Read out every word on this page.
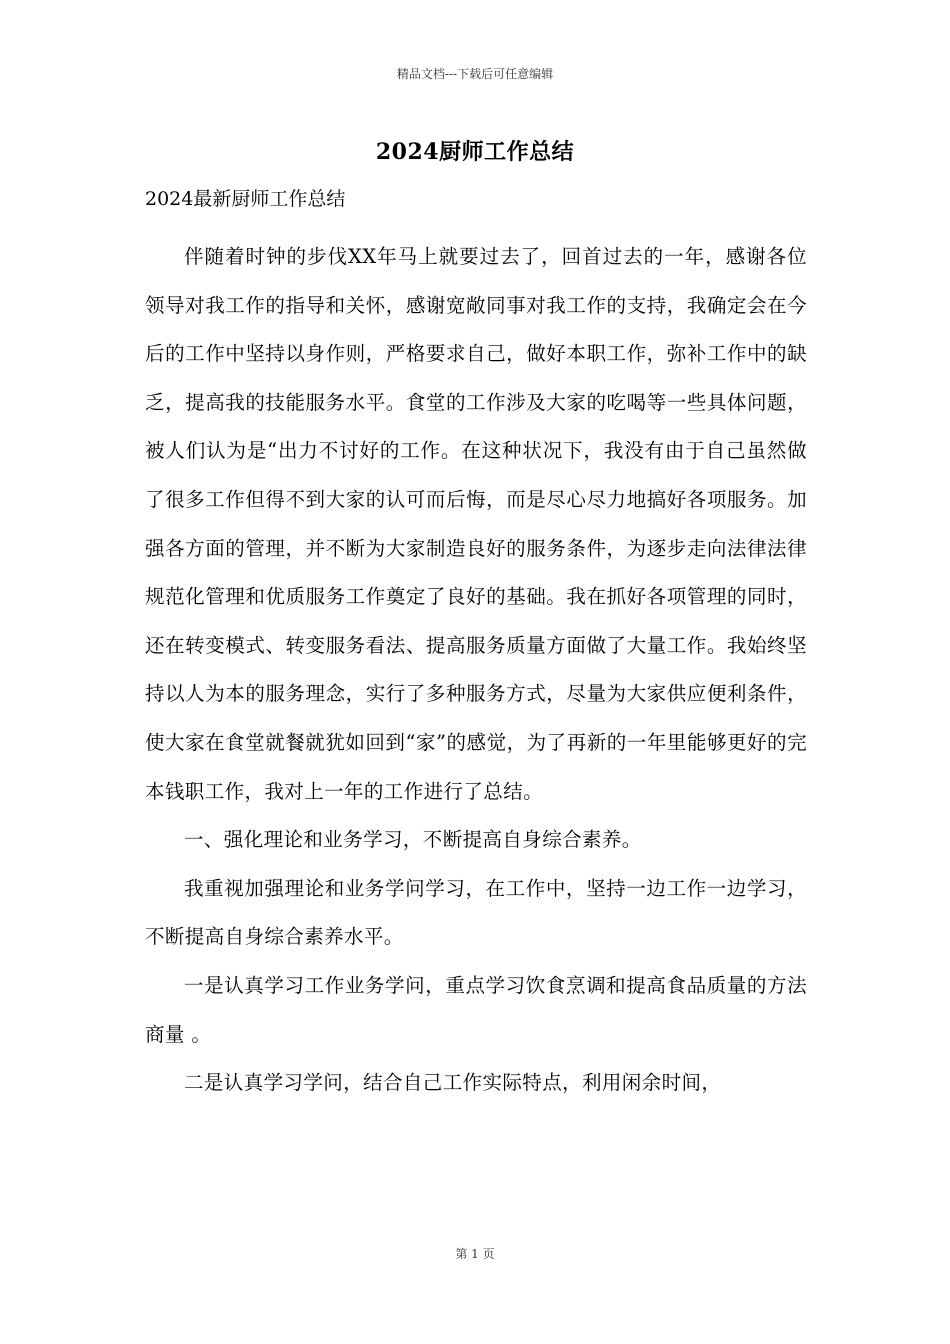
精品文档---下载后可任意编辑
2024厨师工作总结
2024最新厨师工作总结

伴随着时钟的步伐XX年马上就要过去了，回首过去的一年，感谢各位领导对我工作的指导和关怀，感谢宽敞同事对我工作的支持，我确定会在今后的工作中坚持以身作则，严格要求自己，做好本职工作，弥补工作中的缺乏，提高我的技能服务水平。食堂的工作涉及大家的吃喝等一些具体问题，被人们认为是“出力不讨好的工作。在这种状况下，我没有由于自己虽然做了很多工作但得不到大家的认可而后悔，而是尽心尽力地搞好各项服务。加强各方面的管理，并不断为大家制造良好的服务条件，为逐步走向法律法律规范化管理和优质服务工作奠定了良好的基础。我在抓好各项管理的同时，还在转变模式、转变服务看法、提高服务质量方面做了大量工作。我始终坚持以人为本的服务理念，实行了多种服务方式，尽量为大家供应便利条件，使大家在食堂就餐就犹如回到“家”的感觉，为了再新的一年里能够更好的完本钱职工作，我对上一年的工作进行了总结。

一、强化理论和业务学习，不断提高自身综合素养。

我重视加强理论和业务学问学习，在工作中，坚持一边工作一边学习，不断提高自身综合素养水平。

一是认真学习工作业务学问，重点学习饮食烹调和提高食品质量的方法商量 。

二是认真学习学问，结合自己工作实际特点，利用闲余时间，

第 1 页
